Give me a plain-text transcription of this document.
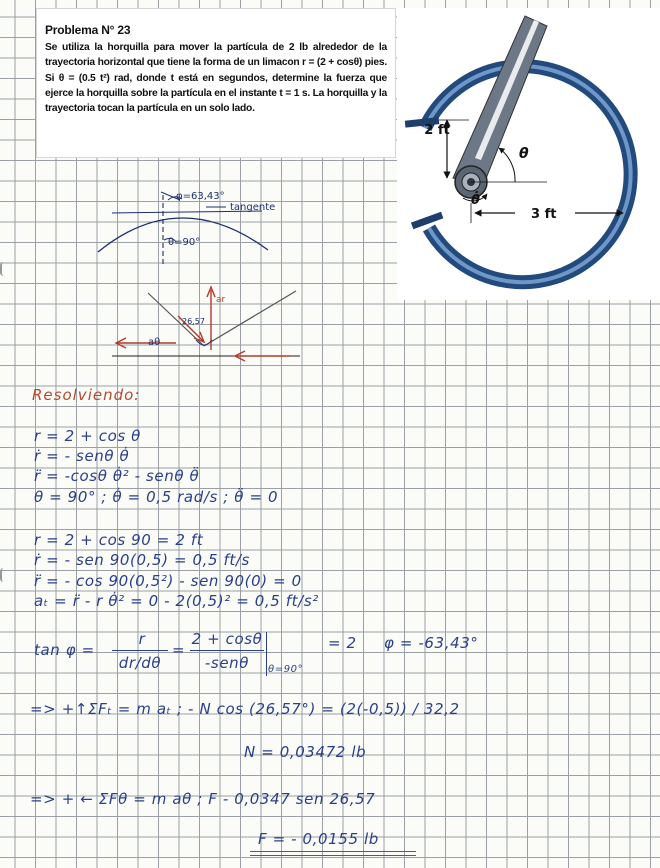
Problema N° 23
Se utiliza la horquilla para mover la partícula de 2 lb alrededor de la trayectoria horizontal que tiene la forma de un limacon r = (2 + cosθ) pies. Si θ = (0.5 t²) rad, donde t está en segundos, determine la fuerza que ejerce la horquilla sobre la partícula en el instante t = 1 s. La horquilla y la trayectoria tocan la partícula en un solo lado.
2 ft
3 ft
θ
θ̇
φ=63,43°
tangente
θ=90°
26,57
aθ
ar
Resolviendo:
r = 2 + cos θ
ṙ = - senθ θ̇
r̈ = -cosθ θ̇² - senθ θ̈
θ = 90° ; θ̇ = 0,5 rad/s ; θ̈ = 0
r = 2 + cos 90 = 2 ft
ṙ = - sen 90(0,5) = 0,5 ft/s
r̈ = - cos 90(0,5²) - sen 90(0) = 0
aₜ = r̈ - r θ̇² = 0 - 2(0,5)² = 0,5 ft/s²
tan φ =
r
dr/dθ
=
2 + cosθ
-senθ	θ=90°
= 2 φ = -63,43°
=> +↑ΣFₜ = m aₜ ; - N cos (26,57°) = (2(-0,5)) / 32,2
N = 0,03472 lb
=> + ← ΣFθ = m aθ ; F - 0,0347 sen 26,57
F = - 0,0155 lb
